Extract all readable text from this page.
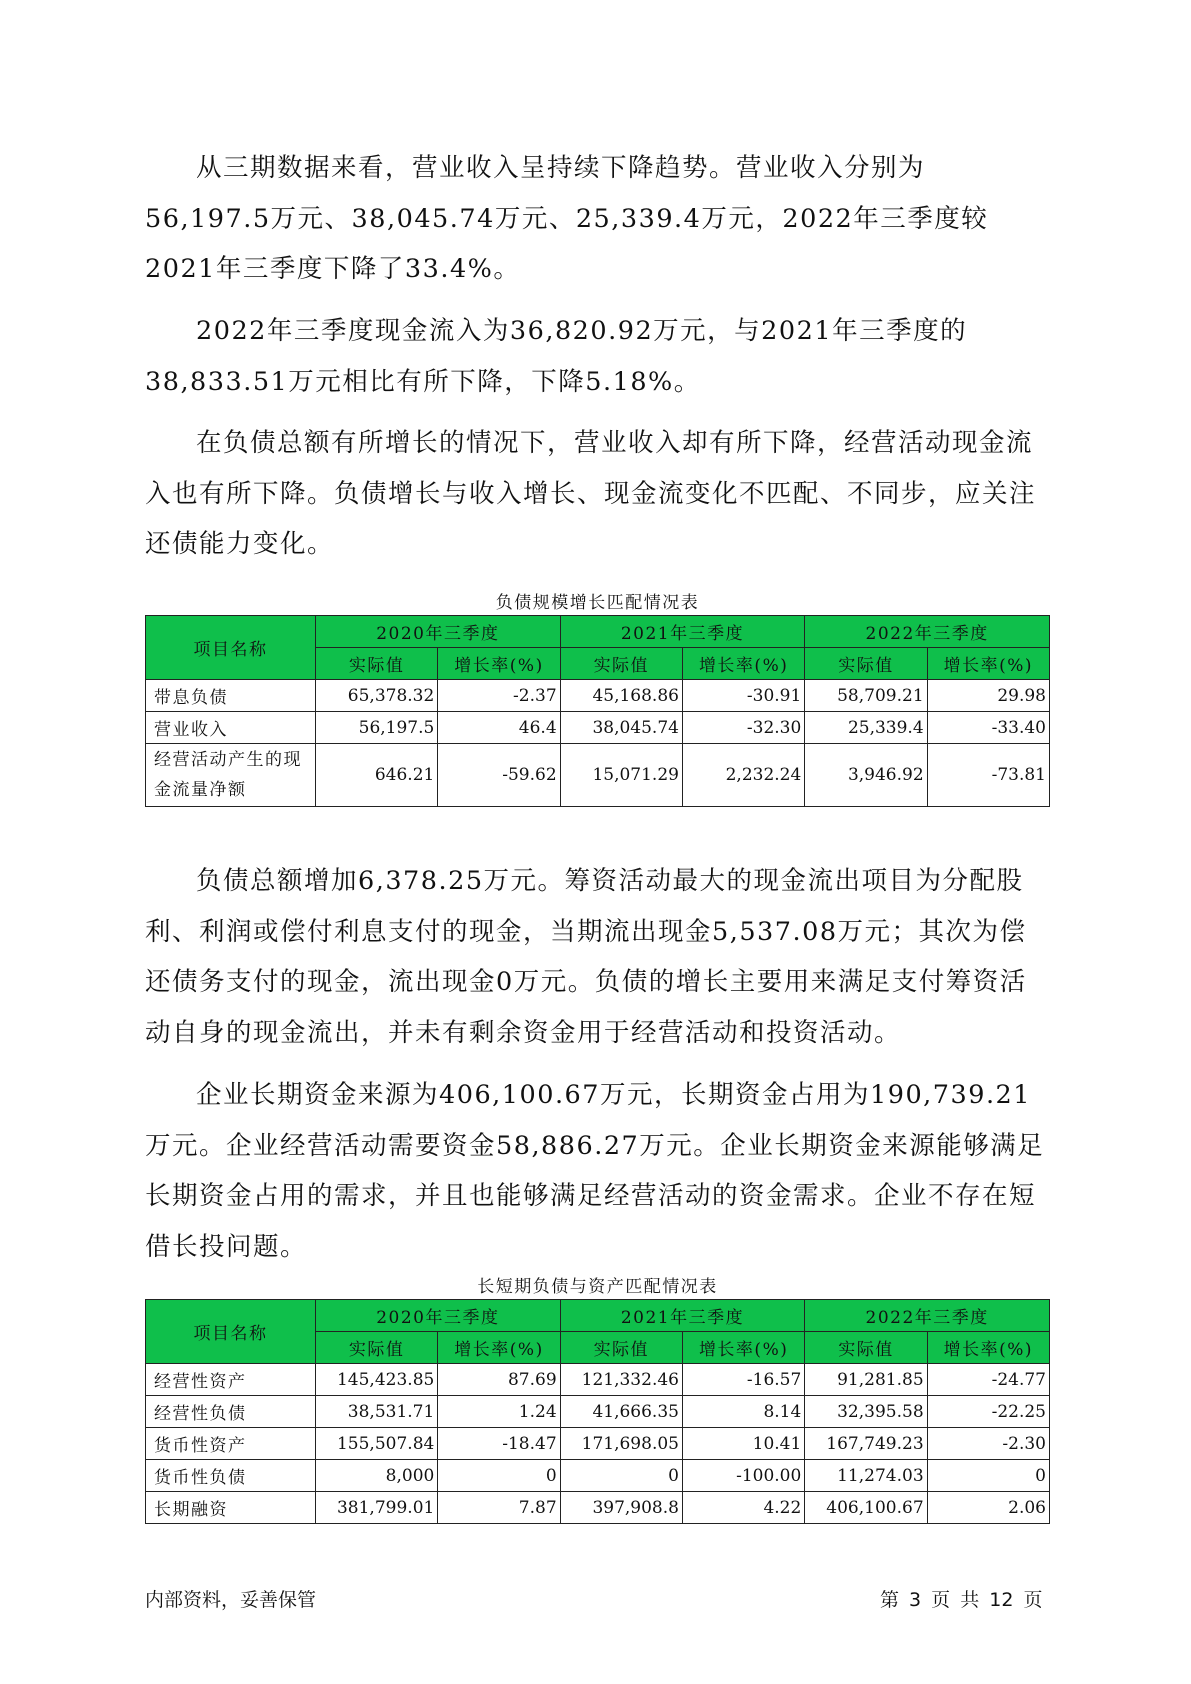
从三期数据来看，营业收入呈持续下降趋势。营业收入分别为56,197.5万元、38,045.74万元、25,339.4万元，2022年三季度较2021年三季度下降了33.4%。

2022年三季度现金流入为36,820.92万元，与2021年三季度的38,833.51万元相比有所下降，下降5.18%。

在负债总额有所增长的情况下，营业收入却有所下降，经营活动现金流入也有所下降。负债增长与收入增长、现金流变化不匹配、不同步，应关注还债能力变化。

负债规模增长匹配情况表
项目名称	2020年三季度		2021年三季度		2022年三季度	
	实际值	增长率(%)	实际值	增长率(%)	实际值	增长率(%)
带息负债	65,378.32	-2.37	45,168.86	-30.91	58,709.21	29.98
营业收入	56,197.5	46.4	38,045.74	-32.30	25,339.4	-33.40
经营活动产生的现金流量净额	646.21	-59.62	15,071.29	2,232.24	3,946.92	-73.81

负债总额增加6,378.25万元。筹资活动最大的现金流出项目为分配股利、利润或偿付利息支付的现金，当期流出现金5,537.08万元；其次为偿还债务支付的现金，流出现金0万元。负债的增长主要用来满足支付筹资活动自身的现金流出，并未有剩余资金用于经营活动和投资活动。

企业长期资金来源为406,100.67万元，长期资金占用为190,739.21万元。企业经营活动需要资金58,886.27万元。企业长期资金来源能够满足长期资金占用的需求，并且也能够满足经营活动的资金需求。企业不存在短借长投问题。

长短期负债与资产匹配情况表
项目名称	2020年三季度		2021年三季度		2022年三季度	
	实际值	增长率(%)	实际值	增长率(%)	实际值	增长率(%)
经营性资产	145,423.85	87.69	121,332.46	-16.57	91,281.85	-24.77
经营性负债	38,531.71	1.24	41,666.35	8.14	32,395.58	-22.25
货币性资产	155,507.84	-18.47	171,698.05	10.41	167,749.23	-2.30
货币性负债	8,000	0	0	-100.00	11,274.03	0
长期融资	381,799.01	7.87	397,908.8	4.22	406,100.67	2.06
内部资料，妥善保管	第 3 页 共 12 页
